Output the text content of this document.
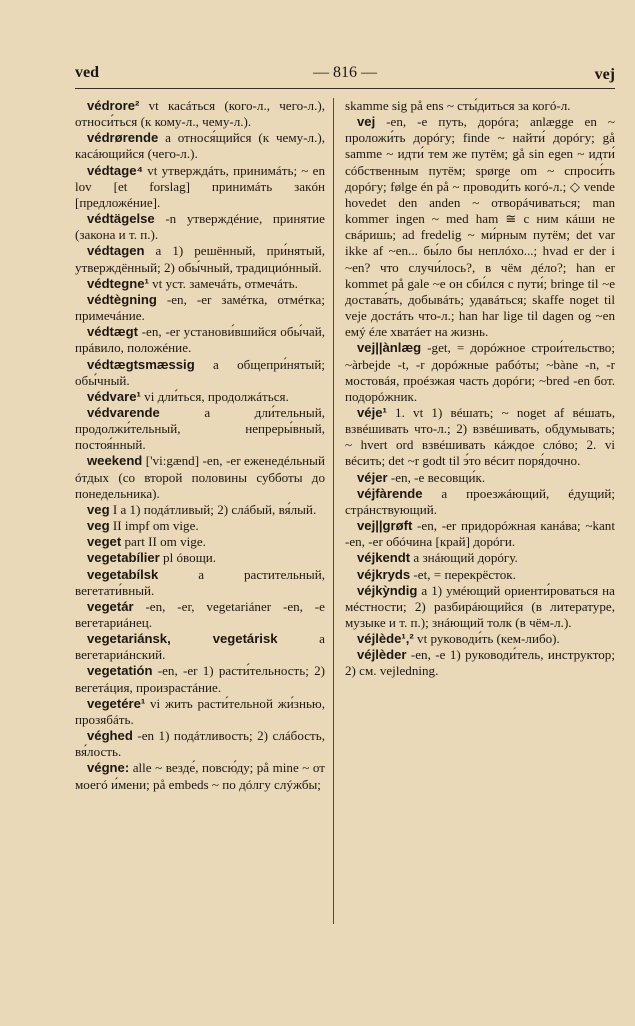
ved	— 816 —	vej

védrore² vt касáться (кого-л., чего-л.), относи́ться (к кому-л., чему-л.).

védrørende a относя́щийся (к чему-л.), касáющийся (чего-л.).

védtage⁴ vt утверждáть, принимáть; ~ en lov [et forslag] принимáть закóн [предложéние].

védtägelse -n утверждéние, принятие (закона и т. п.).

védtagen a 1) решённый, при́нятый, утверждённый; 2) обы́чный, традициóнный.

védtegne¹ vt уст. замечáть, отмечáть.

védtègning -en, -er замéтка, отмéтка; примечáние.

védtægt -en, -er установи́вшийся обы́чай, прáвило, положéние.

védtægtsmæssig a общепри́нятый; обы́чный.

védvare¹ vi дли́ться, продолжáться.

védvarende a дли́тельный, продолжи́тельный, непреры́вный, постоя́нный.

weekend ['vi:gænd] -en, -er еженедéльный óтдых (со второй половины субботы до понедельника).

veg I a 1) подáтливый; 2) слáбый, вя́лый.

veg II impf om vige.

veget part II om vige.

vegetabílier pl óвощи.

vegetabílsk a растительный, вегетати́вный.

vegetár -en, -er, vegetariáner -en, -e вегетариáнец.

vegetariánsk, vegetárisk a вегетариáнский.

vegetatión -en, -er 1) расти́тельность; 2) вегетáция, произрастáние.

vegetére¹ vi жить расти́тельной жи́знью, прозябáть.

véghed -en 1) подáтливость; 2) слáбость, вя́лость.

végne: alle ~ везде́, повсю́ду; på mine ~ от моегó и́мени; på embeds ~ по дóлгу слýжбы;

skamme sig på ens ~ сты́диться за когó-л.

vej -en, -e путь, дорóга; anlægge en ~ проложи́ть дорóгу; finde ~ найти́ дорóгу; gå samme ~ идти́ тем же путём; gå sin egen ~ идти́ сóбственным путём; spørge om ~ спроси́ть дорóгу; følge én på ~ проводи́ть когó-л.; ◇ vende hovedet den anden ~ отворáчиваться; man kommer ingen ~ med ham ≅ с ним кáши не свáришь; ad fredelig ~ ми́рным путём; det var ikke af ~en... бы́ло бы неплóхо...; hvad er der i ~en? что случи́лось?, в чём дéло?; han er kommet på gale ~e он сби́лся с пути́; bringe til ~e достава́ть, добывáть; удавáться; skaffe noget til veje достáть что-л.; han har lige til dagen og ~en емý éле хватáет на жизнь.

vej||ànlæg -get, = дорóжное строи́тельство; ~àrbejde -t, -r дорóжные рабóты; ~bàne -n, -r мостовáя, проéзжая часть дорóги; ~bred -en бот. подорóжник.

véje¹ 1. vt 1) вéшать; ~ noget af вéшать, взвéшивать что-л.; 2) взвéшивать, обдумывать; ~ hvert ord взвéшивать кáждое слóво; 2. vi вéсить; det ~r godt til э́то вéсит поря́дочно.

véjer -en, -e весовщи́к.

véjfàrende a проезжáющий, éдущий; стрáнствующий.

vej||grøft -en, -er придорóжная канáва; ~kant -en, -er обóчина [край] дорóги.

véjkendt a знáющий дорóгу.

véjkryds -et, = перекрёсток.

véjkỳndig a 1) умéющий ориенти́роваться на мéстности; 2) разбирáющийся (в литературе, музыке и т. п.); знáющий толк (в чём-л.).

véjlède¹,² vt руководи́ть (кем-либо).

véjlèder -en, -e 1) руководи́тель, инструктор; 2) см. vejledning.
